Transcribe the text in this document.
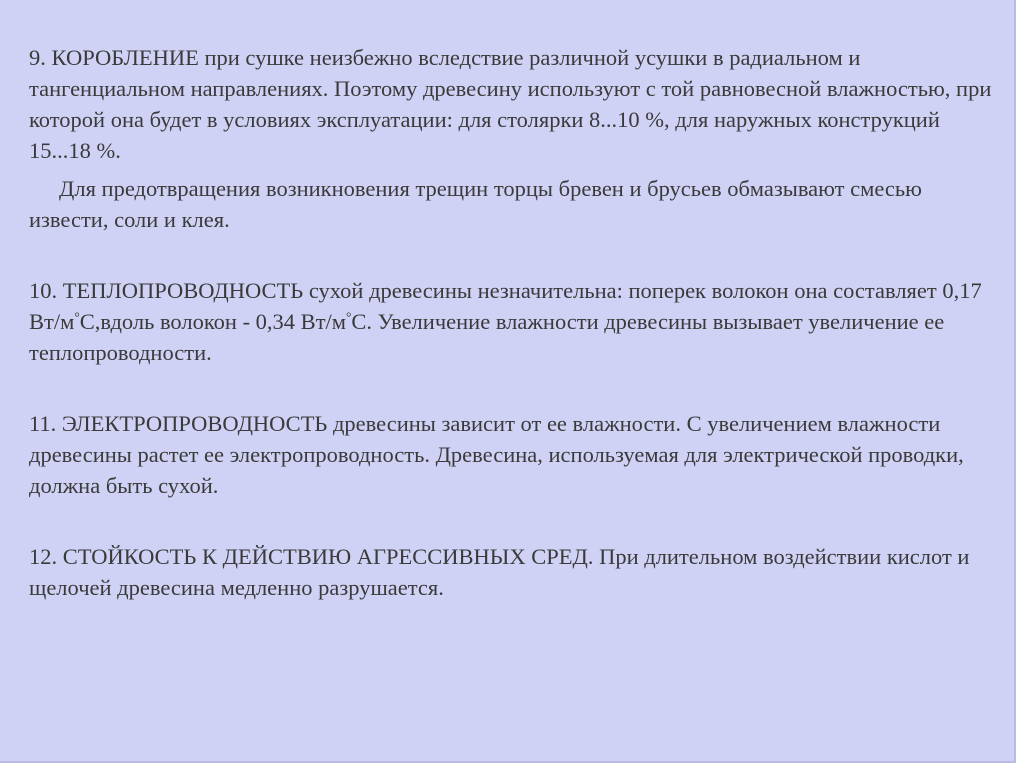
9. КОРОБЛЕНИЕ при сушке неизбежно вследствие различной усушки в радиальном и тангенциальном направлениях. Поэтому древесину используют с той равновесной влажностью, при которой она будет в условиях эксплуатации: для столярки 8...10 %, для наружных конструкций 15...18 %.

Для предотвращения возникновения трещин торцы бревен и брусьев обмазывают смесью извести, соли и клея.

10. ТЕПЛОПРОВОДНОСТЬ сухой древесины незначительна: поперек волокон она составляет 0,17 Вт/м°С,вдоль волокон - 0,34 Вт/м°С. Увеличение влажности древесины вызывает увеличение ее теплопроводности.

11. ЭЛЕКТРОПРОВОДНОСТЬ древесины зависит от ее влажности. С увеличением влажности древесины растет ее электропроводность. Древесина, используемая для электрической проводки, должна быть сухой.

12. СТОЙКОСТЬ К ДЕЙСТВИЮ АГРЕССИВНЫХ СРЕД. При длительном воздействии кислот и щелочей древесина медленно разрушается.
